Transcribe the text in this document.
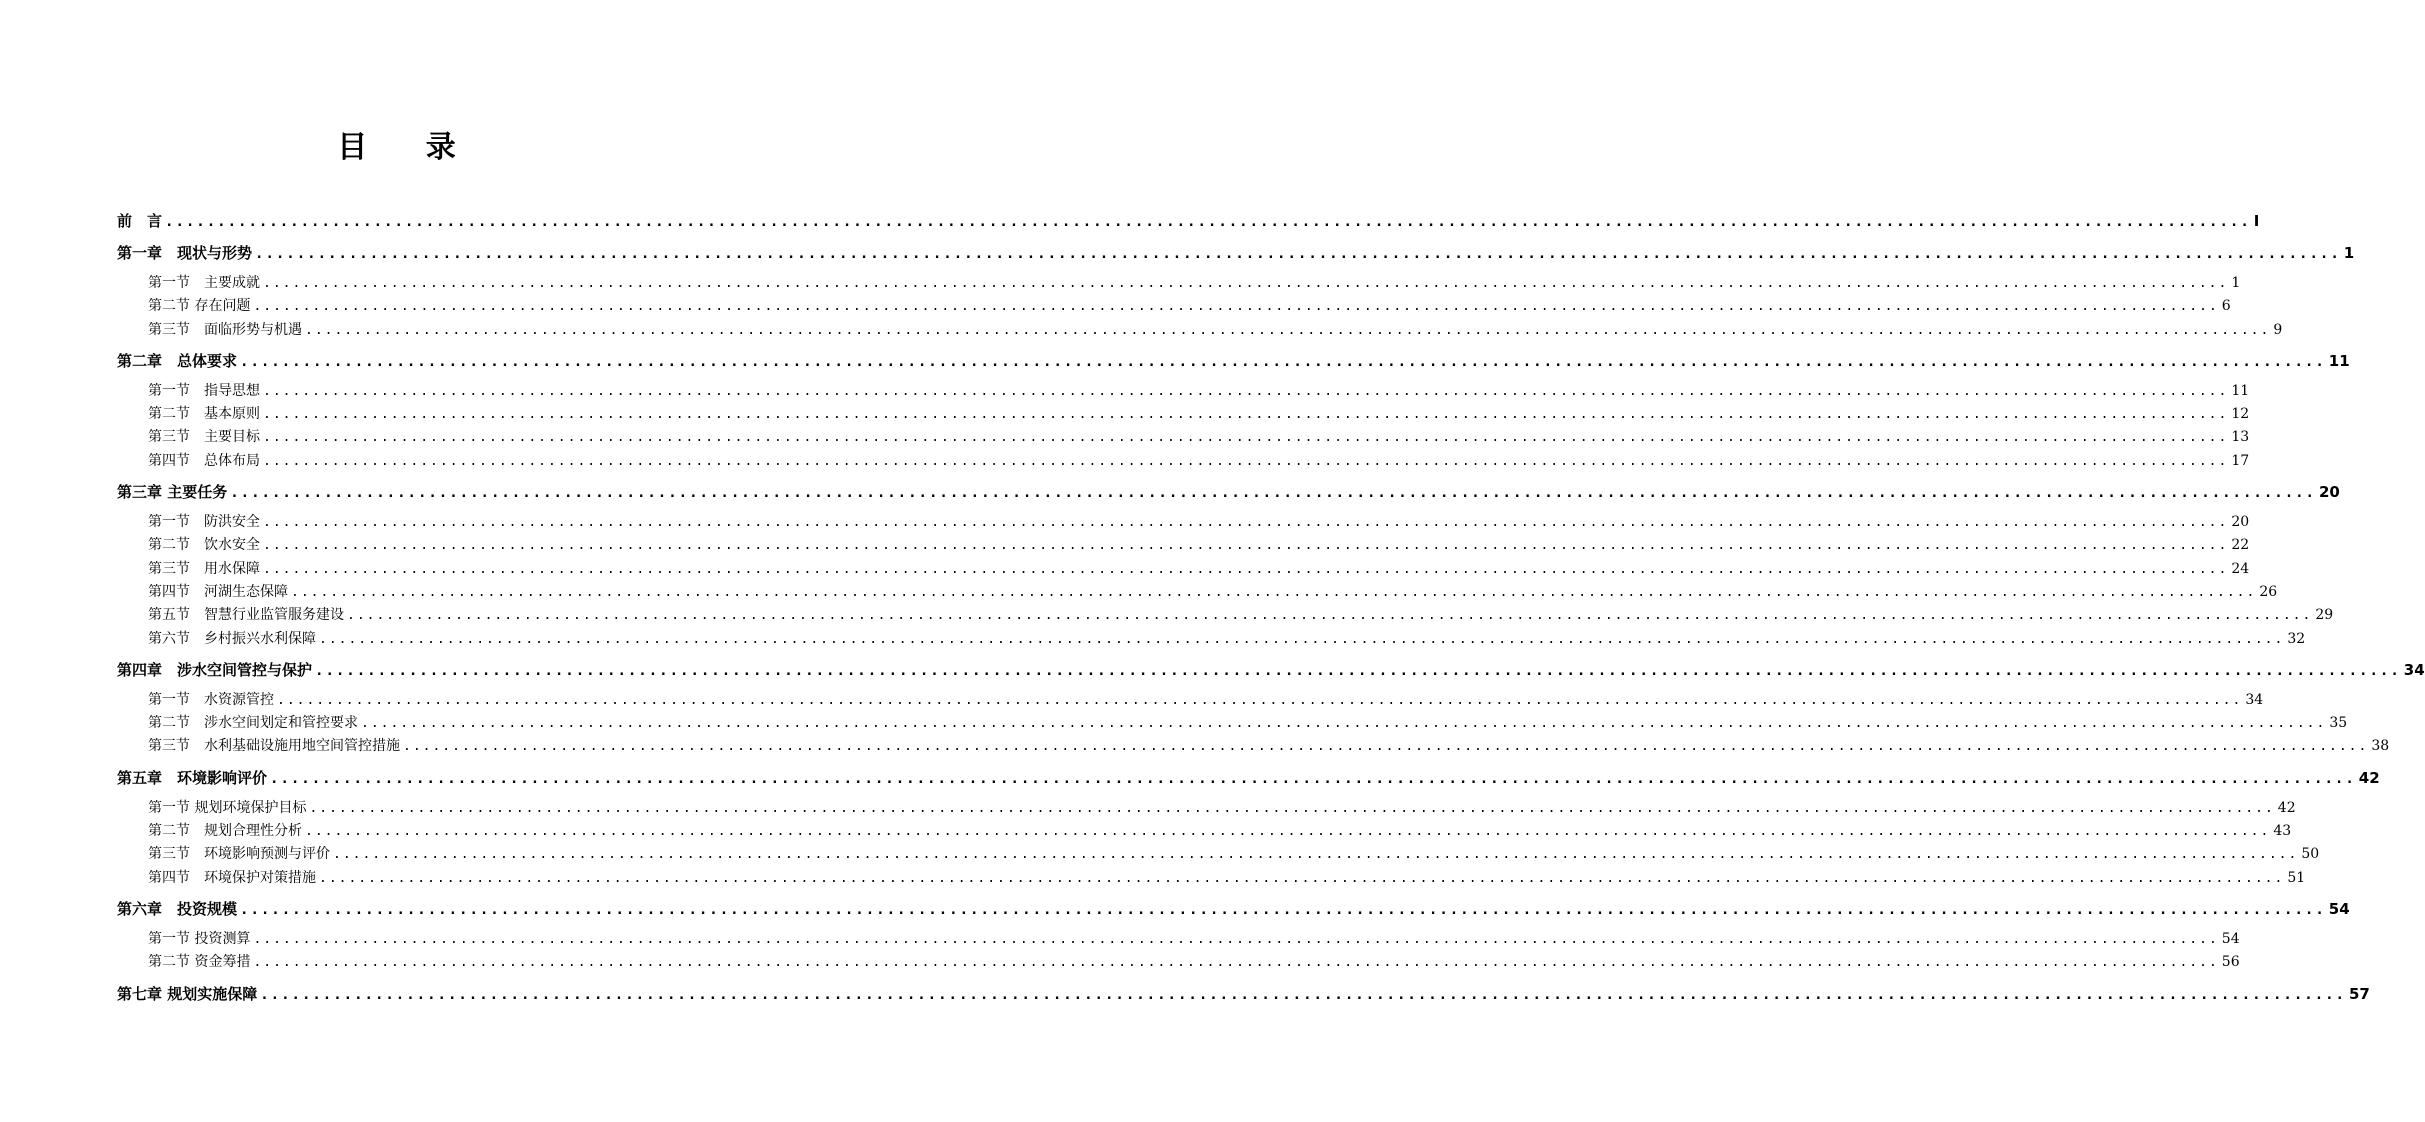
目 录
前　言 ........................................................................................................................................................................................................ Ⅰ
第一章　现状与形势 ........................................................................................................................................................................................................ 1
第一节　主要成就 ........................................................................................................................................................................................................ 1
第二节 存在问题 ........................................................................................................................................................................................................ 6
第三节　面临形势与机遇 ........................................................................................................................................................................................................ 9
第二章　总体要求 ........................................................................................................................................................................................................ 11
第一节　指导思想 ........................................................................................................................................................................................................ 11
第二节　基本原则 ........................................................................................................................................................................................................ 12
第三节　主要目标 ........................................................................................................................................................................................................ 13
第四节　总体布局 ........................................................................................................................................................................................................ 17
第三章 主要任务 ........................................................................................................................................................................................................ 20
第一节　防洪安全 ........................................................................................................................................................................................................ 20
第二节　饮水安全 ........................................................................................................................................................................................................ 22
第三节　用水保障 ........................................................................................................................................................................................................ 24
第四节　河湖生态保障 ........................................................................................................................................................................................................ 26
第五节　智慧行业监管服务建设 ........................................................................................................................................................................................................ 29
第六节　乡村振兴水利保障 ........................................................................................................................................................................................................ 32
第四章　涉水空间管控与保护 ........................................................................................................................................................................................................ 34
第一节　水资源管控 ........................................................................................................................................................................................................ 34
第二节　涉水空间划定和管控要求 ........................................................................................................................................................................................................ 35
第三节　水利基础设施用地空间管控措施 ........................................................................................................................................................................................................ 38
第五章　环境影响评价 ........................................................................................................................................................................................................ 42
第一节 规划环境保护目标 ........................................................................................................................................................................................................ 42
第二节　规划合理性分析 ........................................................................................................................................................................................................ 43
第三节　环境影响预测与评价 ........................................................................................................................................................................................................ 50
第四节　环境保护对策措施 ........................................................................................................................................................................................................ 51
第六章　投资规模 ........................................................................................................................................................................................................ 54
第一节 投资测算 ........................................................................................................................................................................................................ 54
第二节 资金筹措 ........................................................................................................................................................................................................ 56
第七章 规划实施保障 ........................................................................................................................................................................................................ 57
